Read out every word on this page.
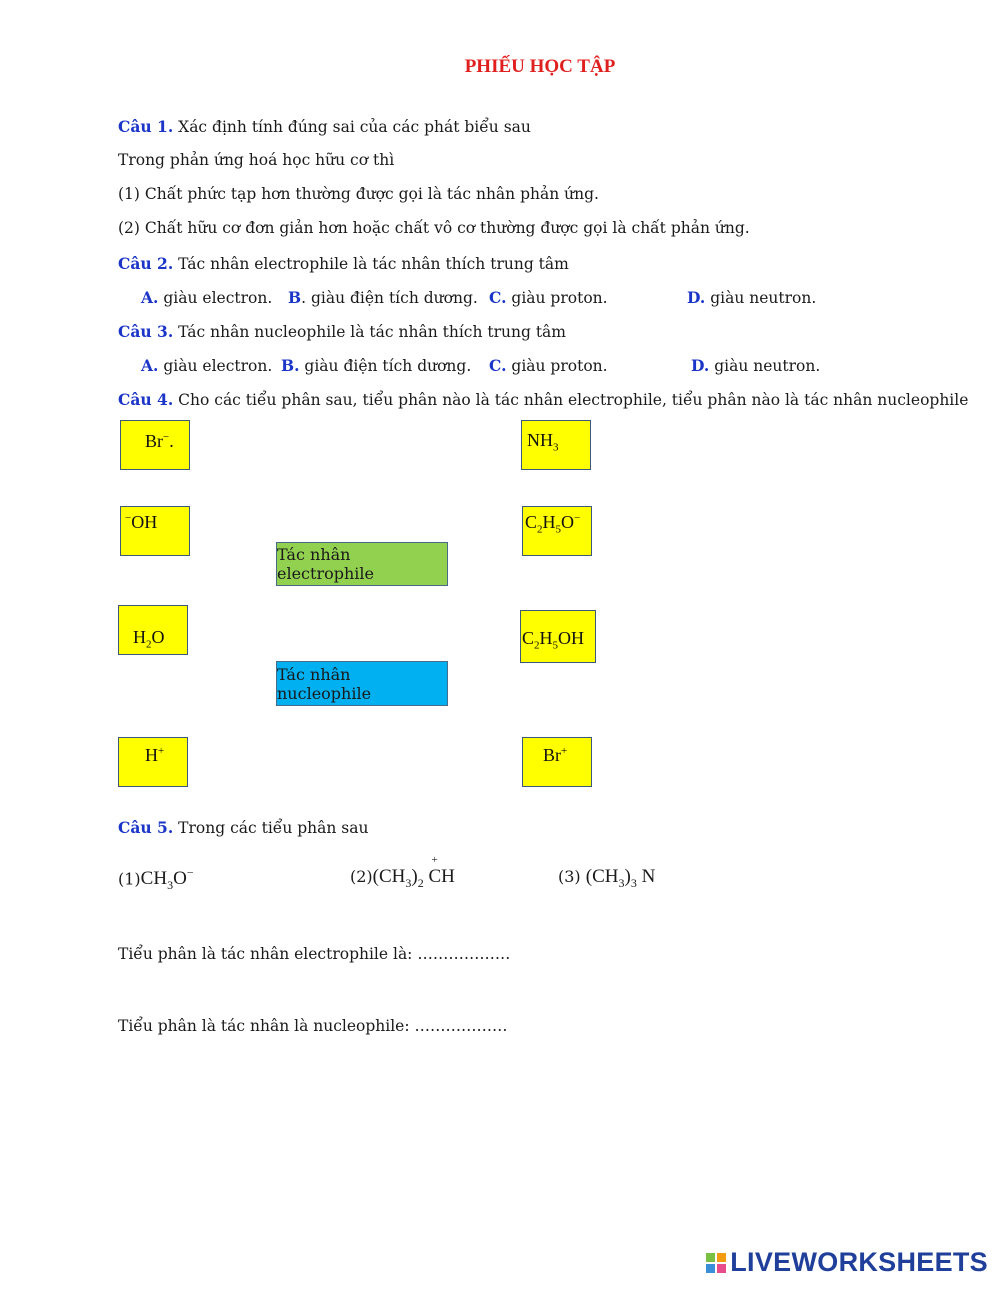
PHIẾU HỌC TẬP
Câu 1. Xác định tính đúng sai của các phát biểu sau
Trong phản ứng hoá học hữu cơ thì
(1) Chất phức tạp hơn thường được gọi là tác nhân phản ứng.
(2) Chất hữu cơ đơn giản hơn hoặc chất vô cơ thường được gọi là chất phản ứng.
Câu 2. Tác nhân electrophile là tác nhân thích trung tâm
A. giàu electron. B. giàu điện tích dương. C. giàu proton.	D. giàu neutron.
Câu 3. Tác nhân nucleophile là tác nhân thích trung tâm
A. giàu electron. B. giàu điện tích dương. C. giàu proton.	D. giàu neutron.
Câu 4. Cho các tiểu phân sau, tiểu phân nào là tác nhân electrophile, tiểu phân nào là tác nhân nucleophile
Br−.	$NH_3$
−OH	$C_2H_5O^-$
$H_2O$	$C_2H_5OH$
H+	Br+
Tác nhân electrophile
Tác nhân nucleophile
Câu 5. Trong các tiểu phân sau
$(1)CH_3O^-$	$(2)(CH_3)_2$ C
+
H	(3) $(CH_3)_3$ N
Tiểu phân là tác nhân electrophile là: ………………
Tiểu phân là tác nhân là nucleophile: ………………
LIVEWORKSHEETS
